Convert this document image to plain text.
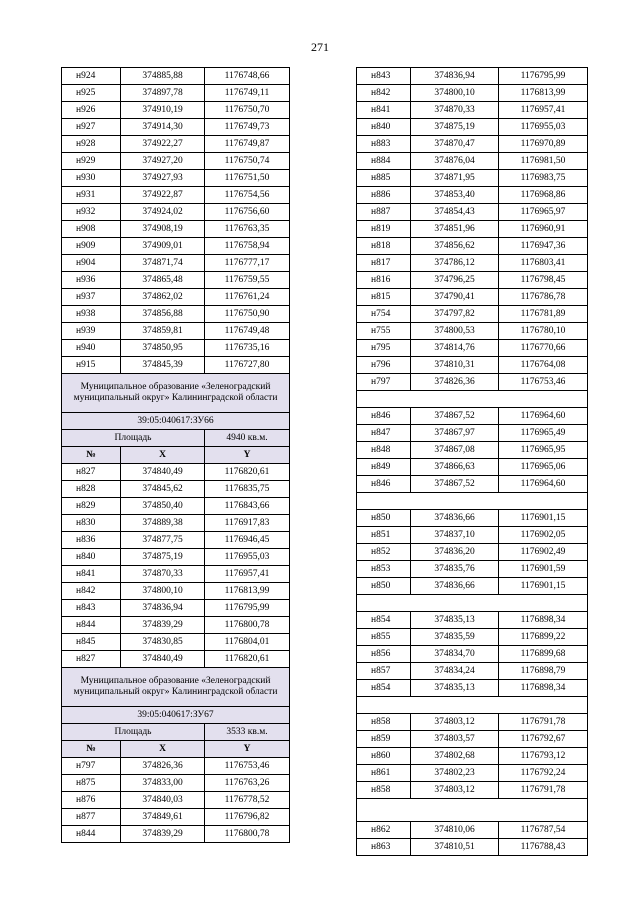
271
н924	374885,88	1176748,66
н925	374897,78	1176749,11
н926	374910,19	1176750,70
н927	374914,30	1176749,73
н928	374922,27	1176749,87
н929	374927,20	1176750,74
н930	374927,93	1176751,50
н931	374922,87	1176754,56
н932	374924,02	1176756,60
н908	374908,19	1176763,35
н909	374909,01	1176758,94
н904	374871,74	1176777,17
н936	374865,48	1176759,55
н937	374862,02	1176761,24
н938	374856,88	1176750,90
н939	374859,81	1176749,48
н940	374850,95	1176735,16
н915	374845,39	1176727,80
Муниципальное образование «Зеленоградский муниципальный округ» Калининградской области		
39:05:040617:ЗУ66		
Площадь		4940 кв.м.
№	X	Y
н827	374840,49	1176820,61
н828	374845,62	1176835,75
н829	374850,40	1176843,66
н830	374889,38	1176917,83
н836	374877,75	1176946,45
н840	374875,19	1176955,03
н841	374870,33	1176957,41
н842	374800,10	1176813,99
н843	374836,94	1176795,99
н844	374839,29	1176800,78
н845	374830,85	1176804,01
н827	374840,49	1176820,61
Муниципальное образование «Зеленоградский муниципальный округ» Калининградской области		
39:05:040617:ЗУ67		
Площадь		3533 кв.м.
№	X	Y
н797	374826,36	1176753,46
н875	374833,00	1176763,26
н876	374840,03	1176778,52
н877	374849,61	1176796,82
н844	374839,29	1176800,78
н843	374836,94	1176795,99
н842	374800,10	1176813,99
н841	374870,33	1176957,41
н840	374875,19	1176955,03
н883	374870,47	1176970,89
н884	374876,04	1176981,50
н885	374871,95	1176983,75
н886	374853,40	1176968,86
н887	374854,43	1176965,97
н819	374851,96	1176960,91
н818	374856,62	1176947,36
н817	374786,12	1176803,41
н816	374796,25	1176798,45
н815	374790,41	1176786,78
н754	374797,82	1176781,89
н755	374800,53	1176780,10
н795	374814,76	1176770,66
н796	374810,31	1176764,08
н797	374826,36	1176753,46

н846	374867,52	1176964,60
н847	374867,97	1176965,49
н848	374867,08	1176965,95
н849	374866,63	1176965,06
н846	374867,52	1176964,60

н850	374836,66	1176901,15
н851	374837,10	1176902,05
н852	374836,20	1176902,49
н853	374835,76	1176901,59
н850	374836,66	1176901,15

н854	374835,13	1176898,34
н855	374835,59	1176899,22
н856	374834,70	1176899,68
н857	374834,24	1176898,79
н854	374835,13	1176898,34

н858	374803,12	1176791,78
н859	374803,57	1176792,67
н860	374802,68	1176793,12
н861	374802,23	1176792,24
н858	374803,12	1176791,78

н862	374810,06	1176787,54
н863	374810,51	1176788,43
